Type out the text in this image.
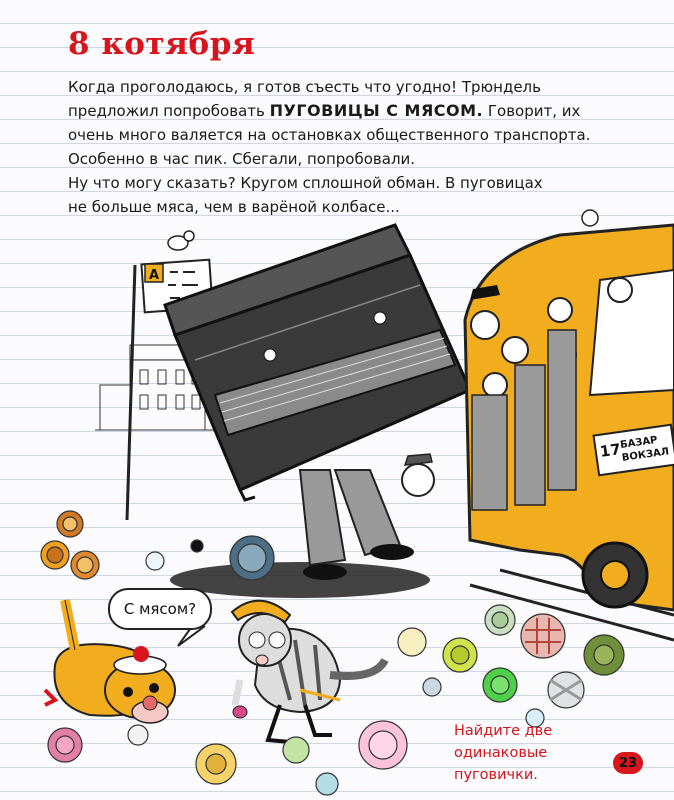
А
17
БАЗАР
ВОКЗАЛ
8 котября
Когда проголодаюсь, я готов съесть что угодно! Трюндель
предложил попробовать ПУГОВИЦЫ С МЯСОМ. Говорит, их
очень много валяется на остановках общественного транспорта.
Особенно в час пик. Сбегали, попробовали.
Ну что могу сказать? Кругом сплошной обман. В пуговицах
не больше мяса, чем в варёной колбасе...
С мясом?
Найдите две одинаковые пуговички.
23
